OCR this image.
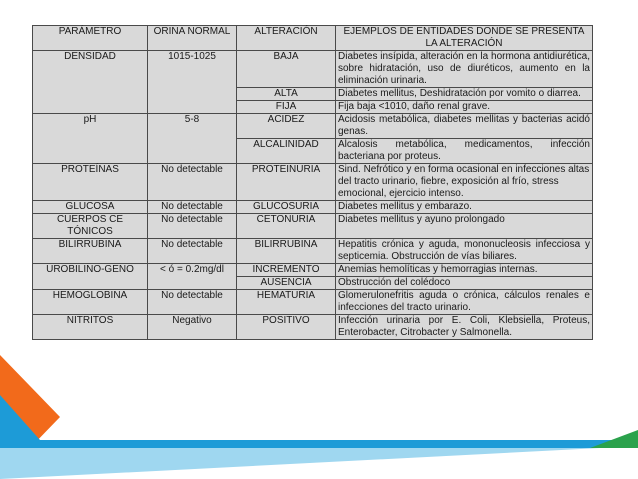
PARÁMETRO	ORINA NORMAL	ALTERACIÓN	EJEMPLOS DE ENTIDADES DONDE SE PRESENTA LA ALTERACIÓN
DENSIDAD	1015-1025	BAJA	Diabetes insípida, alteración en la hormona antidiurética, sobre hidratación, uso de diuréticos, aumento en la eliminación urinaria.
		ALTA	Diabetes mellitus, Deshidratación por vomito o diarrea.
		FIJA	Fija baja <1010, daño renal grave.
pH	5-8	ACIDEZ	Acidosis metabólica, diabetes mellitas y bacterias acidó genas.
		ALCALINIDAD	Alcalosis metabólica, medicamentos, infección bacteriana por proteus.
PROTEÍNAS	No detectable	PROTEINURIA	Sind. Nefrótico y en forma ocasional en infecciones altas del tracto urinario, fiebre, exposición al frío, stress emocional, ejercicio intenso.
GLUCOSA	No detectable	GLUCOSURIA	Diabetes mellitus y embarazo.
CUERPOS CE TÓNICOS	No detectable	CETONURIA	Diabetes mellitus y ayuno prolongado
BILIRRUBINA	No detectable	BILIRRUBINA	Hepatitis crónica y aguda, mononucleosis infecciosa y septicemia. Obstrucción de vías biliares.
UROBILINO-GENO	< ó = 0.2mg/dl	INCREMENTO	Anemias hemolíticas y hemorragias internas.
		AUSENCIA	Obstrucción del colédoco
HEMOGLOBINA	No detectable	HEMATURIA	Glomerulonefritis aguda o crónica, cálculos renales e infecciones del tracto urinario.
NITRITOS	Negativo	POSITIVO	Infección urinaria por E. Coli, Klebsiella, Proteus, Enterobacter, Citrobacter y Salmonella.
